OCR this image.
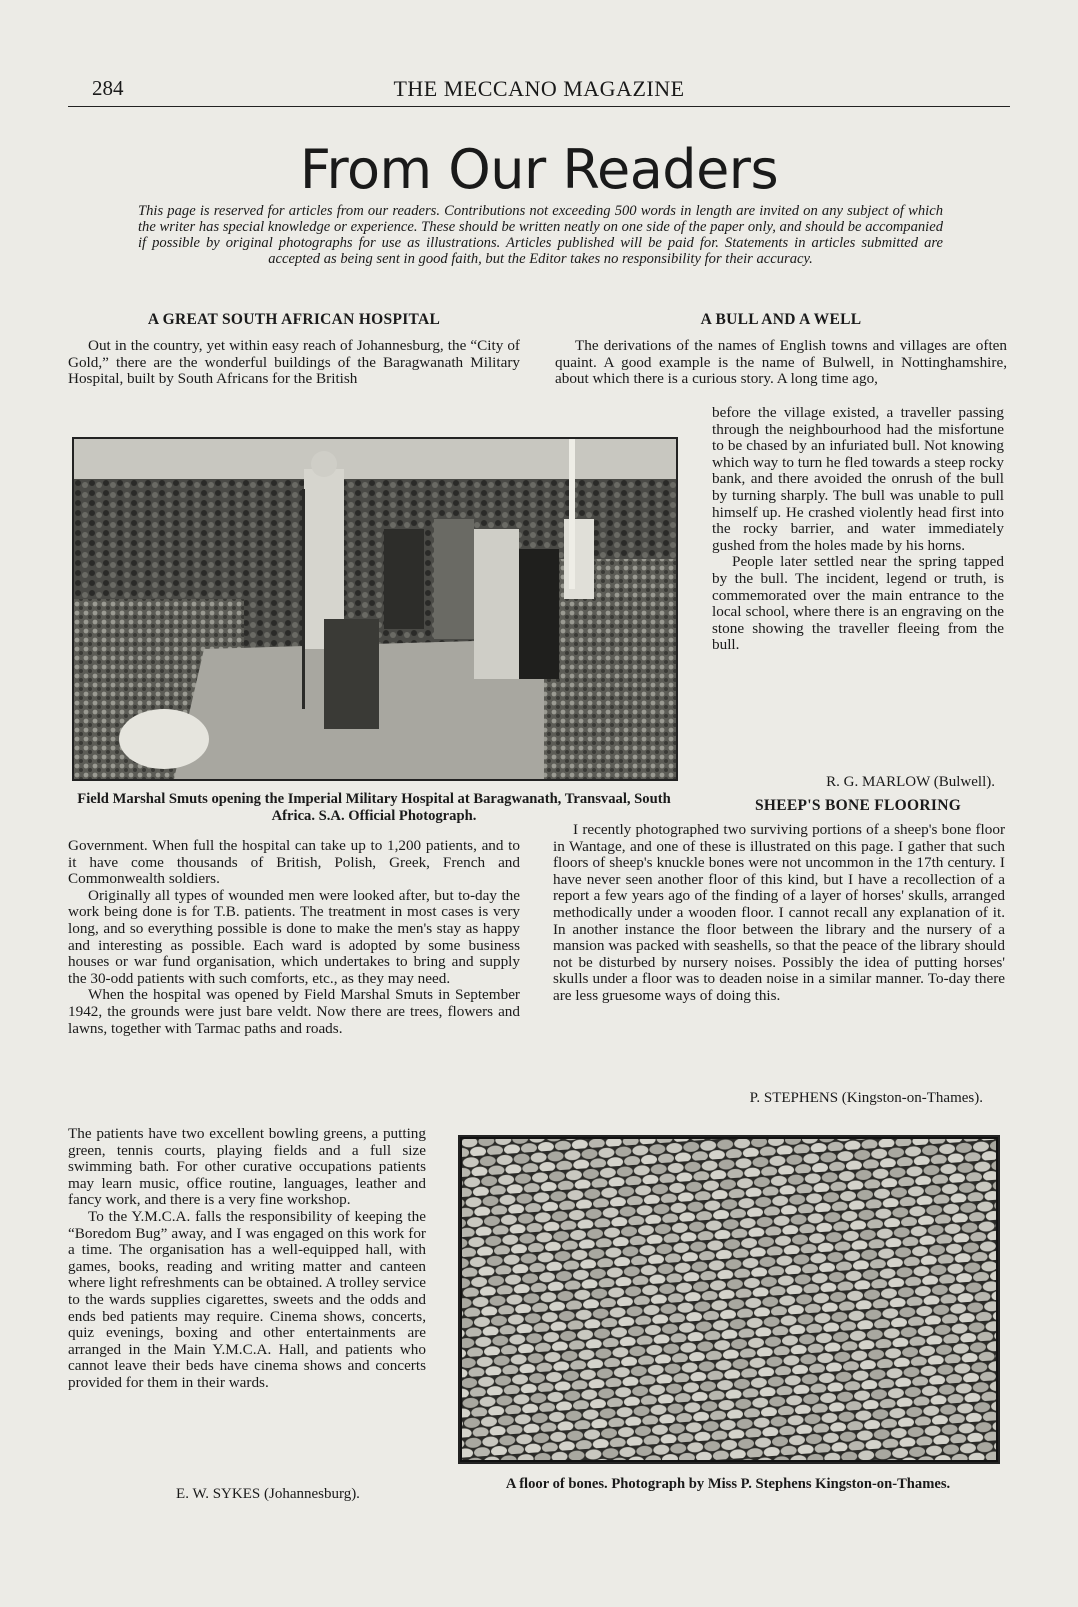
284	THE MECCANO MAGAZINE
From Our Readers
This page is reserved for articles from our readers. Contributions not exceeding 500 words in length are invited on any subject of which the writer has special knowledge or experience. These should be written neatly on one side of the paper only, and should be accompanied if possible by original photographs for use as illustrations. Articles published will be paid for. Statements in articles submitted are accepted as being sent in good faith, but the Editor takes no responsibility for their accuracy.
A GREAT SOUTH AFRICAN HOSPITAL

Out in the country, yet within easy reach of Johannesburg, the “City of Gold,” there are the wonderful buildings of the Baragwanath Military Hospital, built by South Africans for the British

Field Marshal Smuts opening the Imperial Military Hospital at Baragwanath, Transvaal, South Africa. S.A. Official Photograph.

Government. When full the hospital can take up to 1,200 patients, and to it have come thousands of British, Polish, Greek, French and Commonwealth soldiers.

Originally all types of wounded men were looked after, but to-day the work being done is for T.B. patients. The treatment in most cases is very long, and so everything possible is done to make the men's stay as happy and interesting as possible. Each ward is adopted by some business houses or war fund organisation, which undertakes to bring and supply the 30-odd patients with such comforts, etc., as they may need.

When the hospital was opened by Field Marshal Smuts in September 1942, the grounds were just bare veldt. Now there are trees, flowers and lawns, together with Tarmac paths and roads.

The patients have two excellent bowling greens, a putting green, tennis courts, playing fields and a full size swimming bath. For other curative occupations patients may learn music, office routine, languages, leather and fancy work, and there is a very fine workshop.

To the Y.M.C.A. falls the responsibility of keeping the “Boredom Bug” away, and I was engaged on this work for a time. The organisation has a well-equipped hall, with games, books, reading and writing matter and canteen where light refreshments can be obtained. A trolley service to the wards supplies cigarettes, sweets and the odds and ends bed patients may require. Cinema shows, concerts, quiz evenings, boxing and other entertainments are arranged in the Main Y.M.C.A. Hall, and patients who cannot leave their beds have cinema shows and concerts provided for them in their wards.

E. W. SYKES (Johannesburg).
A BULL AND A WELL

The derivations of the names of English towns and villages are often quaint. A good example is the name of Bulwell, in Nottinghamshire, about which there is a curious story. A long time ago,

before the village existed, a traveller passing through the neighbourhood had the misfortune to be chased by an infuriated bull. Not knowing which way to turn he fled towards a steep rocky bank, and there avoided the onrush of the bull by turning sharply. The bull was unable to pull himself up. He crashed violently head first into the rocky barrier, and water immediately gushed from the holes made by his horns.

People later settled near the spring tapped by the bull. The incident, legend or truth, is commemorated over the main entrance to the local school, where there is an engraving on the stone showing the traveller fleeing from the bull.

R. G. MARLOW (Bulwell).
SHEEP'S BONE FLOORING

I recently photographed two surviving portions of a sheep's bone floor in Wantage, and one of these is illustrated on this page. I gather that such floors of sheep's knuckle bones were not uncommon in the 17th century. I have never seen another floor of this kind, but I have a recollection of a report a few years ago of the finding of a layer of horses' skulls, arranged methodically under a wooden floor. I cannot recall any explanation of it. In another instance the floor between the library and the nursery of a mansion was packed with seashells, so that the peace of the library should not be disturbed by nursery noises. Possibly the idea of putting horses' skulls under a floor was to deaden noise in a similar manner. To-day there are less gruesome ways of doing this.

P. STEPHENS (Kingston-on-Thames).
A floor of bones. Photograph by Miss P. Stephens Kingston-on-Thames.
